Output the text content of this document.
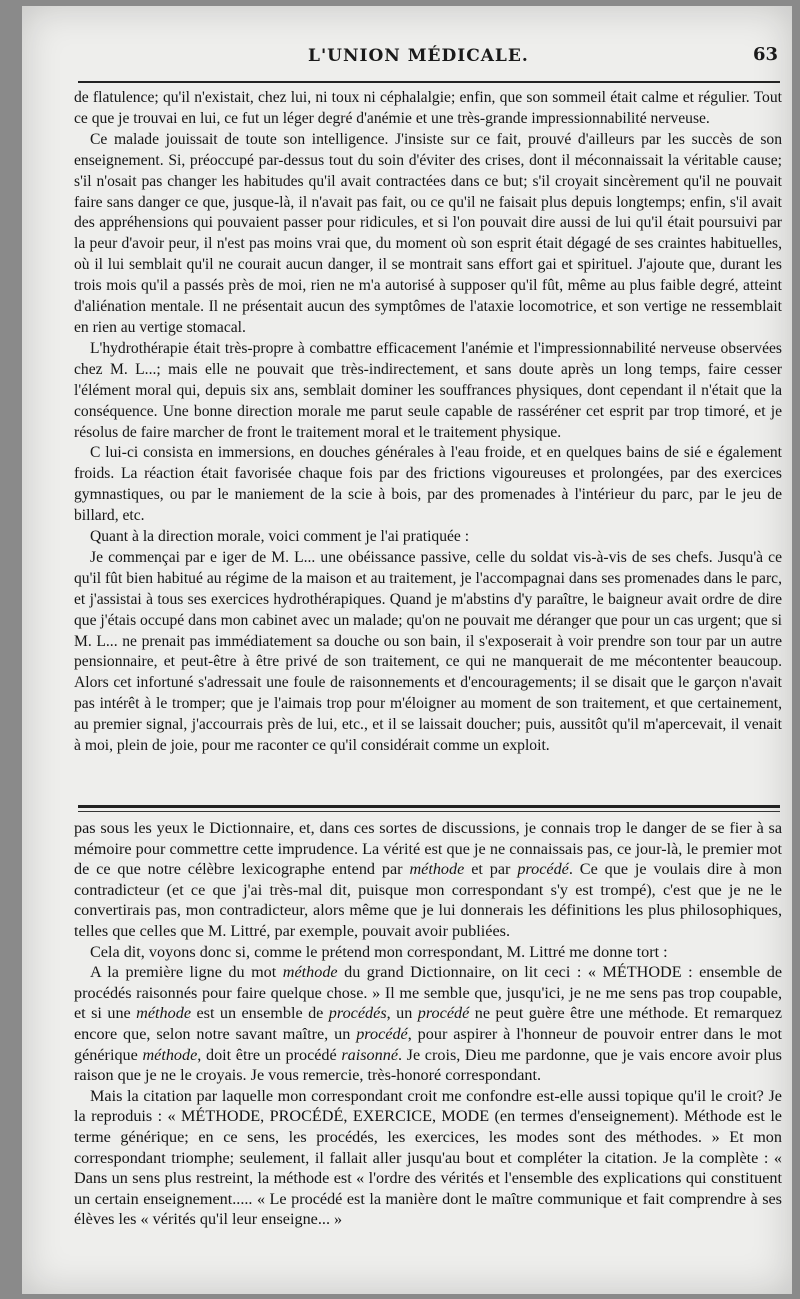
L'UNION MÉDICALE.	63

de flatulence; qu'il n'existait, chez lui, ni toux ni céphalalgie; enfin, que son sommeil était calme et régulier. Tout ce que je trouvai en lui, ce fut un léger degré d'anémie et une très-grande impressionnabilité nerveuse.

Ce malade jouissait de toute son intelligence. J'insiste sur ce fait, prouvé d'ailleurs par les succès de son enseignement. Si, préoccupé par-dessus tout du soin d'éviter des crises, dont il méconnaissait la véritable cause; s'il n'osait pas changer les habitudes qu'il avait contractées dans ce but; s'il croyait sincèrement qu'il ne pouvait faire sans danger ce que, jusque-là, il n'avait pas fait, ou ce qu'il ne faisait plus depuis longtemps; enfin, s'il avait des appréhensions qui pouvaient passer pour ridicules, et si l'on pouvait dire aussi de lui qu'il était poursuivi par la peur d'avoir peur, il n'est pas moins vrai que, du moment où son esprit était dégagé de ses craintes habituelles, où il lui semblait qu'il ne courait aucun danger, il se montrait sans effort gai et spirituel. J'ajoute que, durant les trois mois qu'il a passés près de moi, rien ne m'a autorisé à supposer qu'il fût, même au plus faible degré, atteint d'aliénation mentale. Il ne présentait aucun des symptômes de l'ataxie locomotrice, et son vertige ne ressemblait en rien au vertige stomacal.

L'hydrothérapie était très-propre à combattre efficacement l'anémie et l'impressionnabilité nerveuse observées chez M. L...; mais elle ne pouvait que très-indirectement, et sans doute après un long temps, faire cesser l'élément moral qui, depuis six ans, semblait dominer les souffrances physiques, dont cependant il n'était que la conséquence. Une bonne direction morale me parut seule capable de rasséréner cet esprit par trop timoré, et je résolus de faire marcher de front le traitement moral et le traitement physique.

C lui-ci consista en immersions, en douches générales à l'eau froide, et en quelques bains de sié e également froids. La réaction était favorisée chaque fois par des frictions vigoureuses et prolongées, par des exercices gymnastiques, ou par le maniement de la scie à bois, par des promenades à l'intérieur du parc, par le jeu de billard, etc.

Quant à la direction morale, voici comment je l'ai pratiquée :

Je commençai par e iger de M. L... une obéissance passive, celle du soldat vis-à-vis de ses chefs. Jusqu'à ce qu'il fût bien habitué au régime de la maison et au traitement, je l'accompagnai dans ses promenades dans le parc, et j'assistai à tous ses exercices hydrothérapiques. Quand je m'abstins d'y paraître, le baigneur avait ordre de dire que j'étais occupé dans mon cabinet avec un malade; qu'on ne pouvait me déranger que pour un cas urgent; que si M. L... ne prenait pas immédiatement sa douche ou son bain, il s'exposerait à voir prendre son tour par un autre pensionnaire, et peut-être à être privé de son traitement, ce qui ne manquerait de me mécontenter beaucoup. Alors cet infortuné s'adressait une foule de raisonnements et d'encouragements; il se disait que le garçon n'avait pas intérêt à le tromper; que je l'aimais trop pour m'éloigner au moment de son traitement, et que certainement, au premier signal, j'accourrais près de lui, etc., et il se laissait doucher; puis, aussitôt qu'il m'apercevait, il venait à moi, plein de joie, pour me raconter ce qu'il considérait comme un exploit.

pas sous les yeux le Dictionnaire, et, dans ces sortes de discussions, je connais trop le danger de se fier à sa mémoire pour commettre cette imprudence. La vérité est que je ne connaissais pas, ce jour-là, le premier mot de ce que notre célèbre lexicographe entend par méthode et par procédé. Ce que je voulais dire à mon contradicteur (et ce que j'ai très-mal dit, puisque mon correspondant s'y est trompé), c'est que je ne le convertirais pas, mon contradicteur, alors même que je lui donnerais les définitions les plus philosophiques, telles que celles que M. Littré, par exemple, pouvait avoir publiées.

Cela dit, voyons donc si, comme le prétend mon correspondant, M. Littré me donne tort :

A la première ligne du mot méthode du grand Dictionnaire, on lit ceci : « MÉTHODE : ensemble de procédés raisonnés pour faire quelque chose. » Il me semble que, jusqu'ici, je ne me sens pas trop coupable, et si une méthode est un ensemble de procédés, un procédé ne peut guère être une méthode. Et remarquez encore que, selon notre savant maître, un procédé, pour aspirer à l'honneur de pouvoir entrer dans le mot générique méthode, doit être un procédé raisonné. Je crois, Dieu me pardonne, que je vais encore avoir plus raison que je ne le croyais. Je vous remercie, très-honoré correspondant.

Mais la citation par laquelle mon correspondant croit me confondre est-elle aussi topique qu'il le croit? Je la reproduis : « MÉTHODE, PROCÉDÉ, EXERCICE, MODE (en termes d'enseignement). Méthode est le terme générique; en ce sens, les procédés, les exercices, les modes sont des méthodes. » Et mon correspondant triomphe; seulement, il fallait aller jusqu'au bout et compléter la citation. Je la complète : « Dans un sens plus restreint, la méthode est « l'ordre des vérités et l'ensemble des explications qui constituent un certain enseignement..... « Le procédé est la manière dont le maître communique et fait comprendre à ses élèves les « vérités qu'il leur enseigne... »
